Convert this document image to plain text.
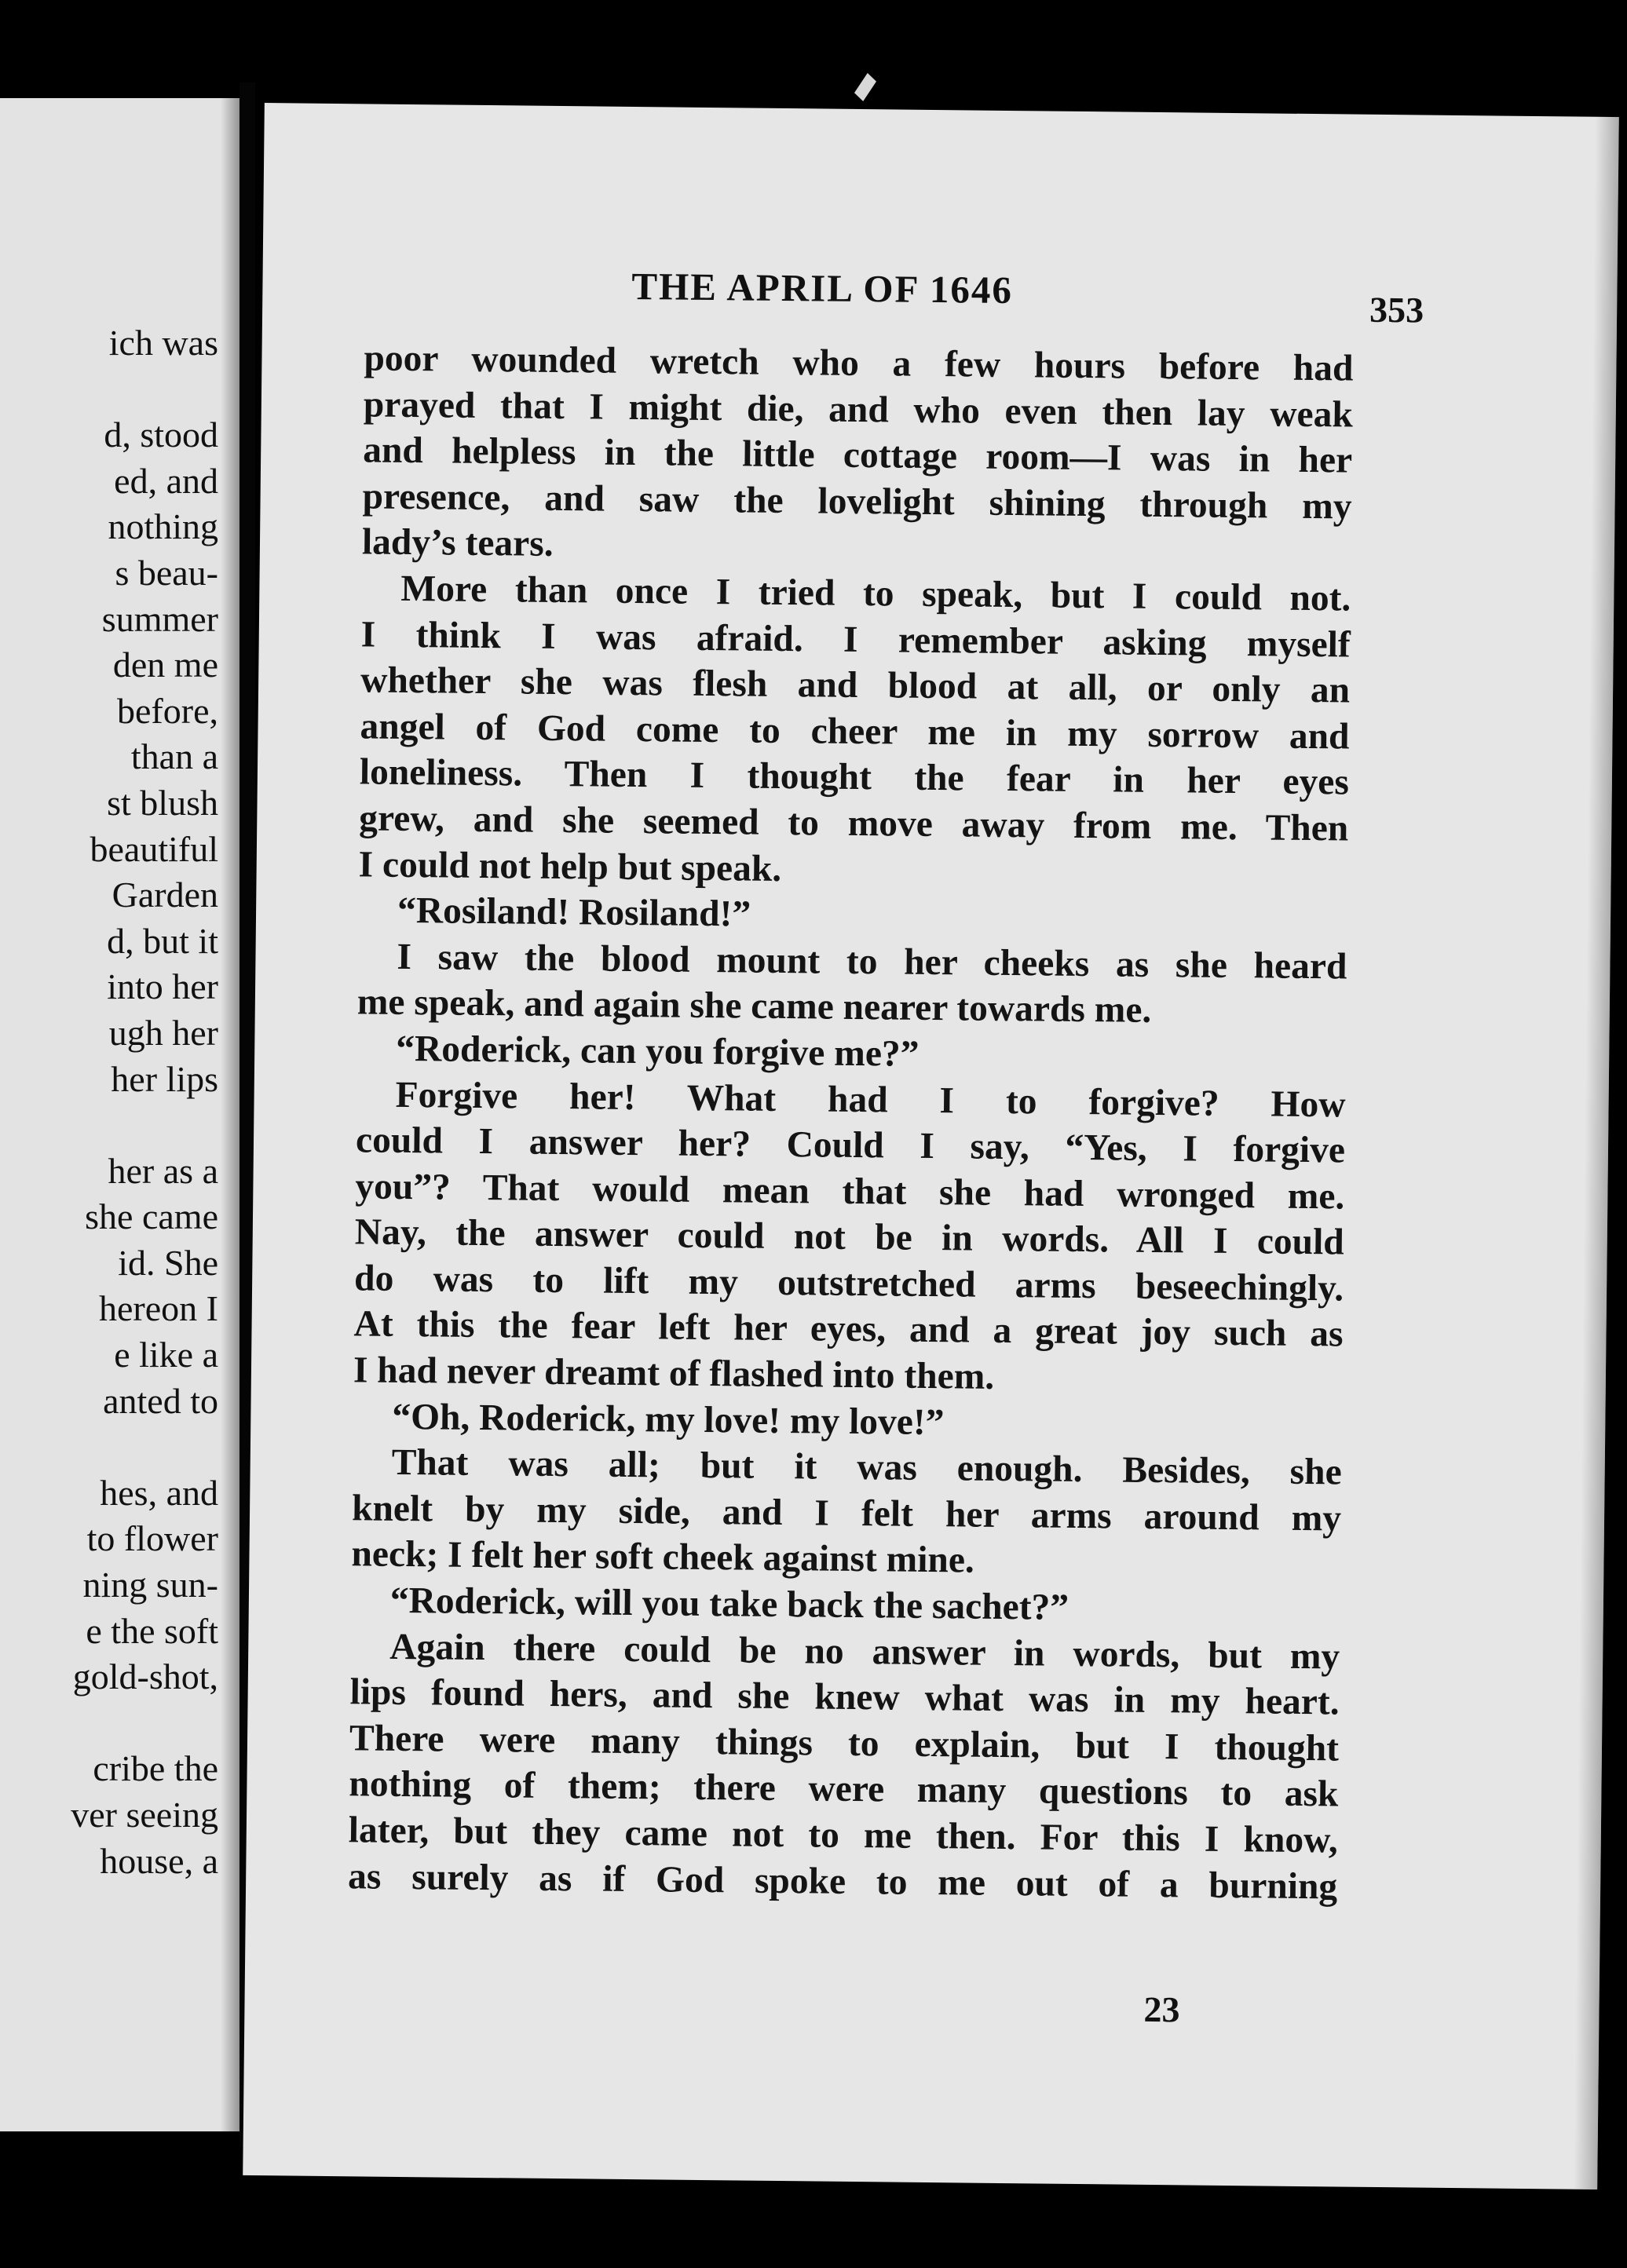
ich was
d, stood
ed, and
nothing
s beau-
summer
den me
before,
than a
st blush
beautiful
Garden
d, but it
into her
ugh her
her lips
her as a
she came
id. She
hereon I
e like a
anted to
hes, and
to flower
ning sun-
e the soft
gold-shot,
cribe the
ver seeing
house, a
THE APRIL OF 1646	353
poor wounded wretch who a few hours before had
prayed that I might die, and who even then lay weak
and helpless in the little cottage room—I was in her
presence, and saw the lovelight shining through my
lady’s tears.
More than once I tried to speak, but I could not.
I think I was afraid. I remember asking myself
whether she was flesh and blood at all, or only an
angel of God come to cheer me in my sorrow and
loneliness. Then I thought the fear in her eyes
grew, and she seemed to move away from me. Then
I could not help but speak.
“Rosiland! Rosiland!”
I saw the blood mount to her cheeks as she heard
me speak, and again she came nearer towards me.
“Roderick, can you forgive me?”
Forgive her! What had I to forgive? How
could I answer her? Could I say, “Yes, I forgive
you”? That would mean that she had wronged me.
Nay, the answer could not be in words. All I could
do was to lift my outstretched arms beseechingly.
At this the fear left her eyes, and a great joy such as
I had never dreamt of flashed into them.
“Oh, Roderick, my love! my love!”
That was all; but it was enough. Besides, she
knelt by my side, and I felt her arms around my
neck; I felt her soft cheek against mine.
“Roderick, will you take back the sachet?”
Again there could be no answer in words, but my
lips found hers, and she knew what was in my heart.
There were many things to explain, but I thought
nothing of them; there were many questions to ask
later, but they came not to me then. For this I know,
as surely as if God spoke to me out of a burning
23
